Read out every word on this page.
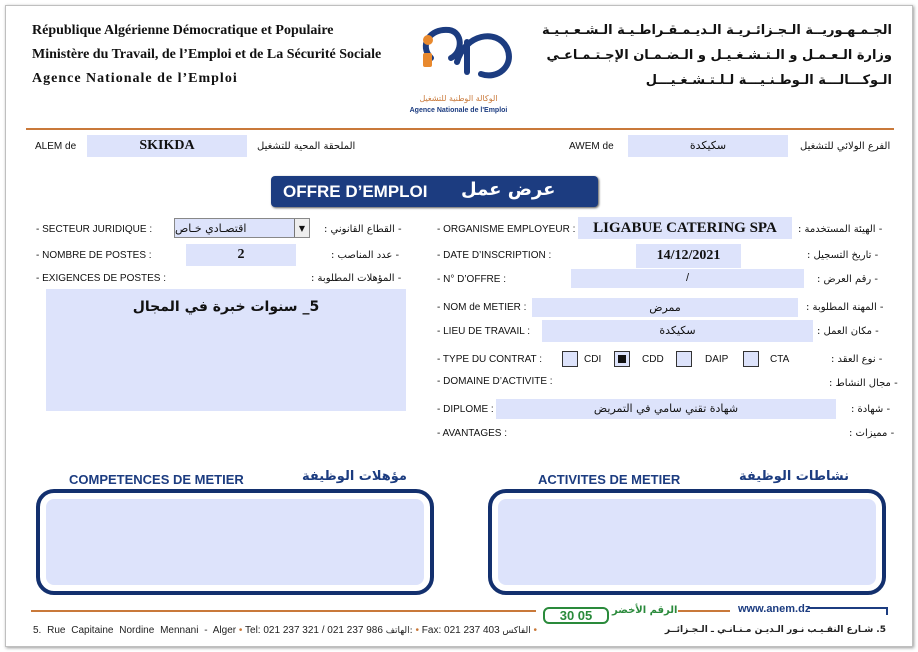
République Algérienne Démocratique et Populaire
Ministère du Travail, de l’Emploi et de La Sécurité Sociale
Agence Nationale de l’Emploi
الوكالة الوطنية للتشغيل
Agence Nationale de l'Emploi
الجـمـهـوريــة الـجـزائـريـة الـديـمـقـراطـيـة الـشـعـبـيـة
وزارة الـعـمـل و الـتـشـغـيـل و الـضـمـان الإجـتـمـاعـي
الـوكـــالـــة الـوطـنـيـــة لـلـتـشـغـيـــل
ALEM de	SKIKDA	الملحقة المحية للتشغيل	AWEM de	سكيكدة	الفرع الولائي للتشغيل
OFFRE D’EMPLOI عرض عمل
- SECTEUR JURIDIQUE : اقتصـادي خـاص	▼	- القطاع القانوني :
- NOMBRE DE POSTES :	2	- عدد المناصب :
- EXIGENCES DE POSTES :	- المؤهلات المطلوبة :
5_ سنوات خبرة في المجال
- ORGANISME EMPLOYEUR :	LIGABUE CATERING SPA	- الهيئة المستخدمة :
- DATE D’INSCRIPTION :	14/12/2021	- تاريخ التسجيل :
- N° D’OFFRE :	/	- رقم العرض :
- NOM de METIER :	ممرض	- المهنة المطلوبة :
- LIEU DE TRAVAIL :	سكيكدة	- مكان العمل :
- TYPE DU CONTRAT :	CDI	CDD	DAIP	CTA	- نوع العقد :
- DOMAINE D’ACTIVITE :	- مجال النشاط :
- DIPLOME :	شهادة تقني سامي في التمريض	- شهادة :
- AVANTAGES :	- مميزات :
COMPETENCES DE METIER	مؤهلات الوظيفة	ACTIVITES DE METIER	نشاطات الوظيفة
30 05	الرقم الأخضر	www.anem.dz
5. Rue Capitaine Nordine Mennani - Alger • Tel: 021 237 321 / 021 237 986 الهاتف: • Fax: 021 237 403 الفاكس •	5. شـارع النقـيـب نـور الـديـن مـنـانـي ـ الـجـزائــر
